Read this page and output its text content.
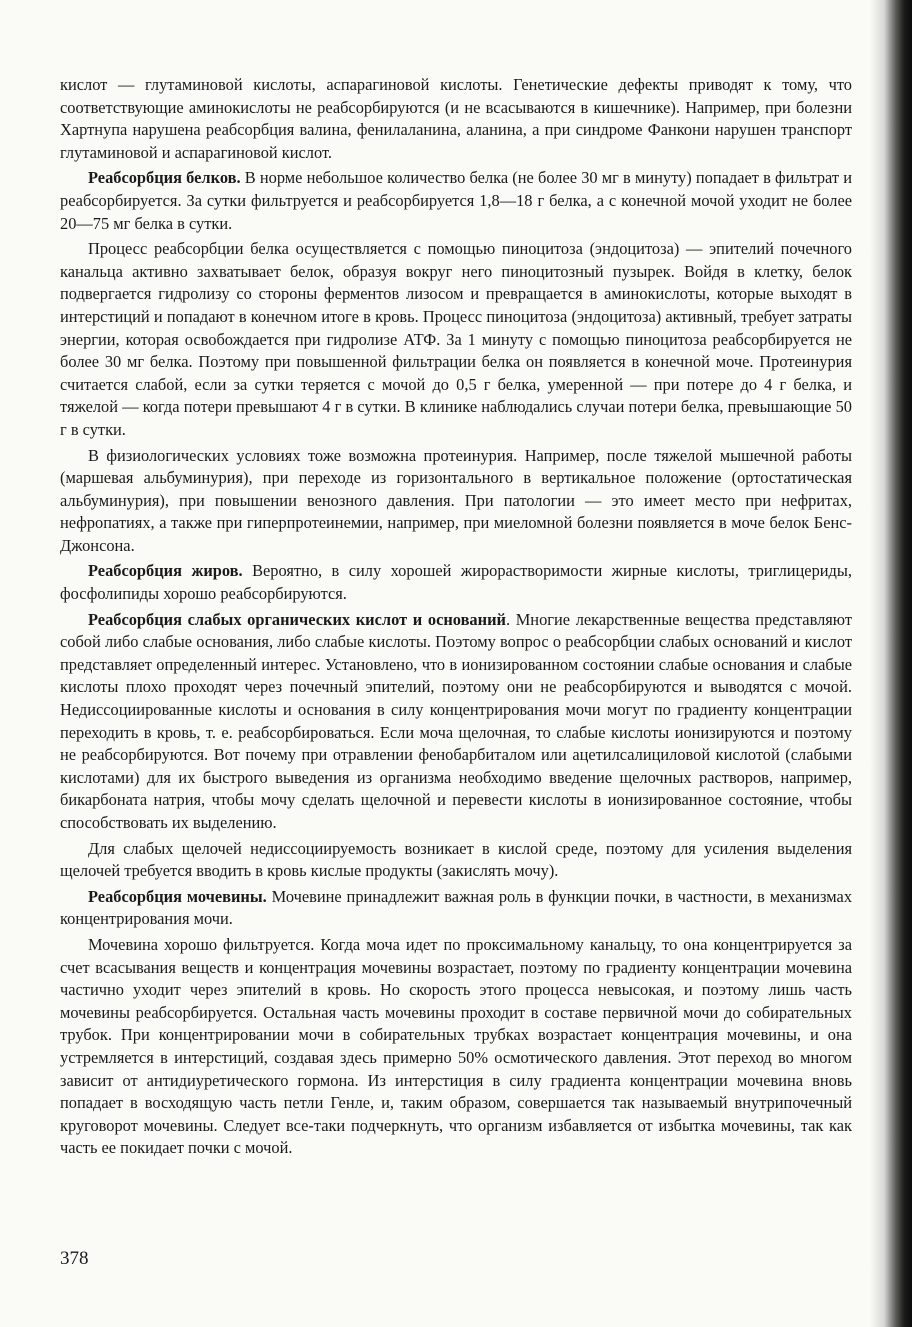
кислот — глутаминовой кислоты, аспарагиновой кислоты. Генетические дефекты приводят к тому, что соответствующие аминокислоты не реабсорбируются (и не всасываются в кишечнике). Например, при болезни Хартнупа нарушена реабсорбция валина, фенилаланина, аланина, а при синдроме Фанкони нарушен транспорт глутаминовой и аспарагиновой кислот.

Реабсорбция белков. В норме небольшое количество белка (не более 30 мг в минуту) попадает в фильтрат и реабсорбируется. За сутки фильтруется и реабсорбируется 1,8—18 г белка, а с конечной мочой уходит не более 20—75 мг белка в сутки.

Процесс реабсорбции белка осуществляется с помощью пиноцитоза (эндоцитоза) — эпителий почечного канальца активно захватывает белок, образуя вокруг него пиноцитозный пузырек. Войдя в клетку, белок подвергается гидролизу со стороны ферментов лизосом и превращается в аминокислоты, которые выходят в интерстиций и попадают в конечном итоге в кровь. Процесс пиноцитоза (эндоцитоза) активный, требует затраты энергии, которая освобождается при гидролизе АТФ. За 1 минуту с помощью пиноцитоза реабсорбируется не более 30 мг белка. Поэтому при повышенной фильтрации белка он появляется в конечной моче. Протеинурия считается слабой, если за сутки теряется с мочой до 0,5 г белка, умеренной — при потере до 4 г белка, и тяжелой — когда потери превышают 4 г в сутки. В клинике наблюдались случаи потери белка, превышающие 50 г в сутки.

В физиологических условиях тоже возможна протеинурия. Например, после тяжелой мышечной работы (маршевая альбуминурия), при переходе из горизонтального в вертикальное положение (ортостатическая альбуминурия), при повышении венозного давления. При патологии — это имеет место при нефритах, нефропатиях, а также при гиперпротеинемии, например, при миеломной болезни появляется в моче белок Бенс-Джонсона.

Реабсорбция жиров. Вероятно, в силу хорошей жирорастворимости жирные кислоты, триглицериды, фосфолипиды хорошо реабсорбируются.

Реабсорбция слабых органических кислот и оснований. Многие лекарственные вещества представляют собой либо слабые основания, либо слабые кислоты. Поэтому вопрос о реабсорбции слабых оснований и кислот представляет определенный интерес. Установлено, что в ионизированном состоянии слабые основания и слабые кислоты плохо проходят через почечный эпителий, поэтому они не реабсорбируются и выводятся с мочой. Недиссоциированные кислоты и основания в силу концентрирования мочи могут по градиенту концентрации переходить в кровь, т. е. реабсорбироваться. Если моча щелочная, то слабые кислоты ионизируются и поэтому не реабсорбируются. Вот почему при отравлении фенобарбиталом или ацетилсалициловой кислотой (слабыми кислотами) для их быстрого выведения из организма необходимо введение щелочных растворов, например, бикарбоната натрия, чтобы мочу сделать щелочной и перевести кислоты в ионизированное состояние, чтобы способствовать их выделению.

Для слабых щелочей недиссоциируемость возникает в кислой среде, поэтому для усиления выделения щелочей требуется вводить в кровь кислые продукты (закислять мочу).

Реабсорбция мочевины. Мочевине принадлежит важная роль в функции почки, в частности, в механизмах концентрирования мочи.

Мочевина хорошо фильтруется. Когда моча идет по проксимальному канальцу, то она концентрируется за счет всасывания веществ и концентрация мочевины возрастает, поэтому по градиенту концентрации мочевина частично уходит через эпителий в кровь. Но скорость этого процесса невысокая, и поэтому лишь часть мочевины реабсорбируется. Остальная часть мочевины проходит в составе первичной мочи до собирательных трубок. При концентрировании мочи в собирательных трубках возрастает концентрация мочевины, и она устремляется в интерстиций, создавая здесь примерно 50% осмотического давления. Этот переход во многом зависит от антидиуретического гормона. Из интерстиция в силу градиента концентрации мочевина вновь попадает в восходящую часть петли Генле, и, таким образом, совершается так называемый внутрипочечный круговорот мочевины. Следует все-таки подчеркнуть, что организм избавляется от избытка мочевины, так как часть ее покидает почки с мочой.

378
